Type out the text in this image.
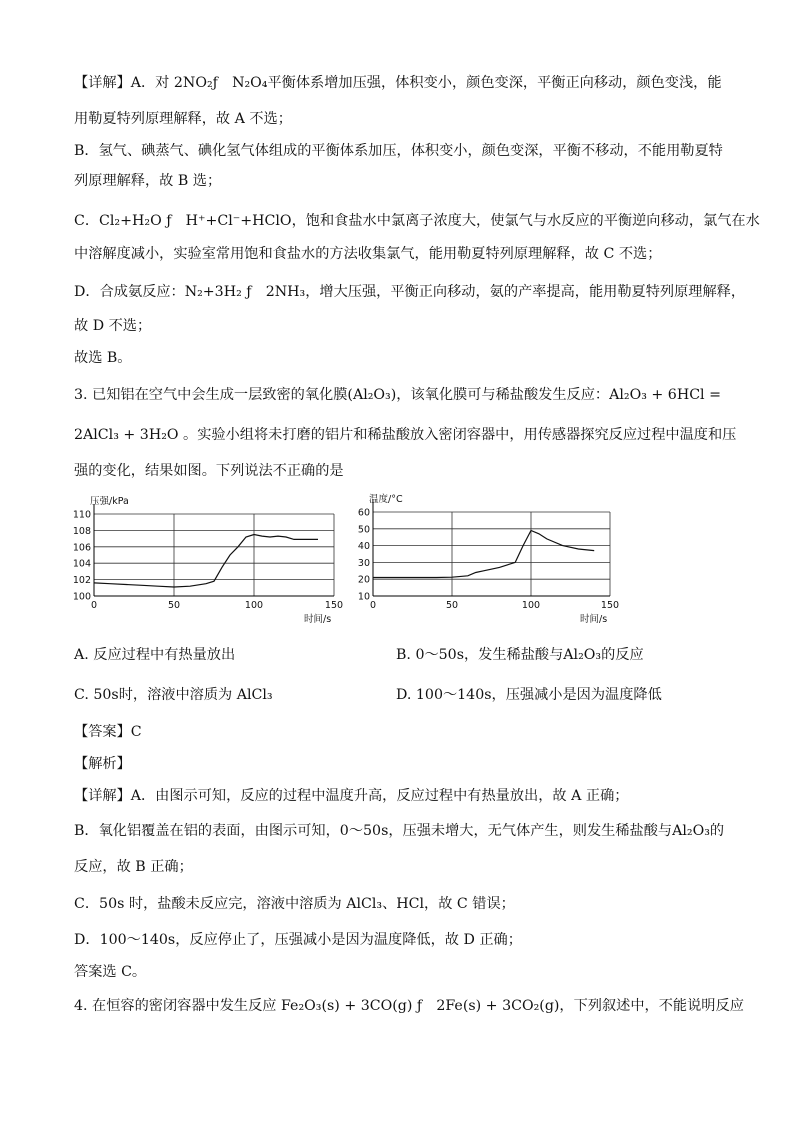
【详解】A．对 2NO₂ƒ　N₂O₄平衡体系增加压强，体积变小，颜色变深，平衡正向移动，颜色变浅，能
用勒夏特列原理解释，故 A 不选；
B．氢气、碘蒸气、碘化氢气体组成的平衡体系加压，体积变小，颜色变深，平衡不移动，不能用勒夏特
列原理解释，故 B 选；
C．Cl₂+H₂O ƒ　H⁺+Cl⁻+HClO，饱和食盐水中氯离子浓度大，使氯气与水反应的平衡逆向移动，氯气在水
中溶解度减小，实验室常用饱和食盐水的方法收集氯气，能用勒夏特列原理解释，故 C 不选；
D．合成氨反应：N₂+3H₂ ƒ　2NH₃，增大压强，平衡正向移动，氨的产率提高，能用勒夏特列原理解释，
故 D 不选；
故选 B。
3. 已知铝在空气中会生成一层致密的氧化膜(Al₂O₃)，该氧化膜可与稀盐酸发生反应：Al₂O₃ + 6HCl =
2AlCl₃ + 3H₂O 。实验小组将未打磨的铝片和稀盐酸放入密闭容器中，用传感器探究反应过程中温度和压
强的变化，结果如图。下列说法不正确的是
100
102
104
106
108
110
0	50	100	150
压强/kPa
时间/s
10
20
30
40
50
60
0	50	100	150
温度/°C
时间/s
A. 反应过程中有热量放出	B. 0～50s，发生稀盐酸与Al₂O₃的反应
C. 50s时，溶液中溶质为 AlCl₃	D. 100～140s，压强减小是因为温度降低
【答案】C
【解析】
【详解】A．由图示可知，反应的过程中温度升高，反应过程中有热量放出，故 A 正确；
B．氧化铝覆盖在铝的表面，由图示可知，0～50s，压强未增大，无气体产生，则发生稀盐酸与Al₂O₃的
反应，故 B 正确；
C．50s 时，盐酸未反应完，溶液中溶质为 AlCl₃、HCl，故 C 错误；
D．100～140s，反应停止了，压强减小是因为温度降低，故 D 正确；
答案选 C。
4. 在恒容的密闭容器中发生反应 Fe₂O₃(s) + 3CO(g) ƒ　2Fe(s) + 3CO₂(g)，下列叙述中，不能说明反应
